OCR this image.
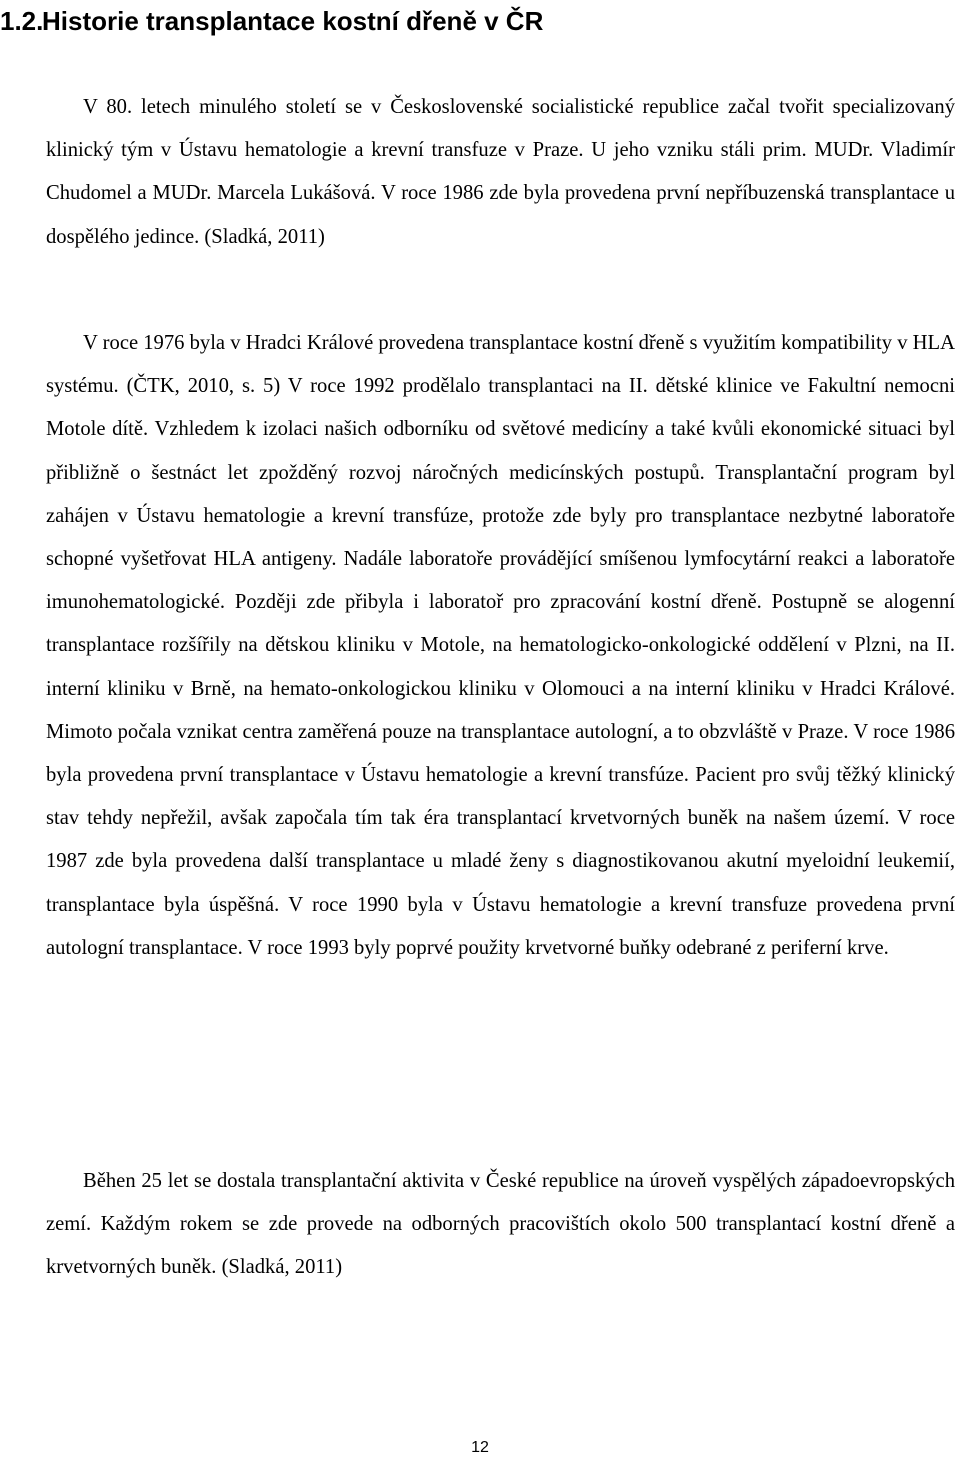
1.2.Historie transplantace kostní dřeně v ČR

V 80. letech minulého století se v Československé socialistické republice začal tvořit specializovaný klinický tým v Ústavu hematologie a krevní transfuze v Praze. U jeho vzniku stáli prim. MUDr. Vladimír Chudomel a MUDr. Marcela Lukášová. V roce 1986 zde byla provedena první nepříbuzenská transplantace u dospělého jedince. (Sladká, 2011)

V roce 1976 byla v Hradci Králové provedena transplantace kostní dřeně s využitím kompatibility v HLA systému. (ČTK, 2010, s. 5) V roce 1992 prodělalo transplantaci na II. dětské klinice ve Fakultní nemocni Motole dítě. Vzhledem k izolaci našich odborníku od světové medicíny a také kvůli ekonomické situaci byl přibližně o šestnáct let zpožděný rozvoj náročných medicínských postupů. Transplantační program byl zahájen v Ústavu hematologie a krevní transfúze, protože zde byly pro transplantace nezbytné laboratoře schopné vyšetřovat HLA antigeny. Nadále laboratoře provádějící smíšenou lymfocytární reakci a laboratoře imunohematologické. Později zde přibyla i laboratoř pro zpracování kostní dřeně. Postupně se alogenní transplantace rozšířily na dětskou kliniku v Motole, na hematologicko-onkologické oddělení v Plzni, na II. interní kliniku v Brně, na hemato-onkologickou kliniku v Olomouci a na interní kliniku v Hradci Králové. Mimoto počala vznikat centra zaměřená pouze na transplantace autologní, a to obzvláště v Praze. V roce 1986 byla provedena první transplantace v Ústavu hematologie a krevní transfúze. Pacient pro svůj těžký klinický stav tehdy nepřežil, avšak započala tím tak éra transplantací krvetvorných buněk na našem území. V roce 1987 zde byla provedena další transplantace u mladé ženy s diagnostikovanou akutní myeloidní leukemií, transplantace byla úspěšná. V roce 1990 byla v Ústavu hematologie a krevní transfuze provedena první autologní transplantace. V roce 1993 byly poprvé použity krvetvorné buňky odebrané z periferní krve.

Běhen 25 let se dostala transplantační aktivita v České republice na úroveň vyspělých západoevropských zemí. Každým rokem se zde provede na odborných pracovištích okolo 500 transplantací kostní dřeně a krvetvorných buněk. (Sladká, 2011)

12
